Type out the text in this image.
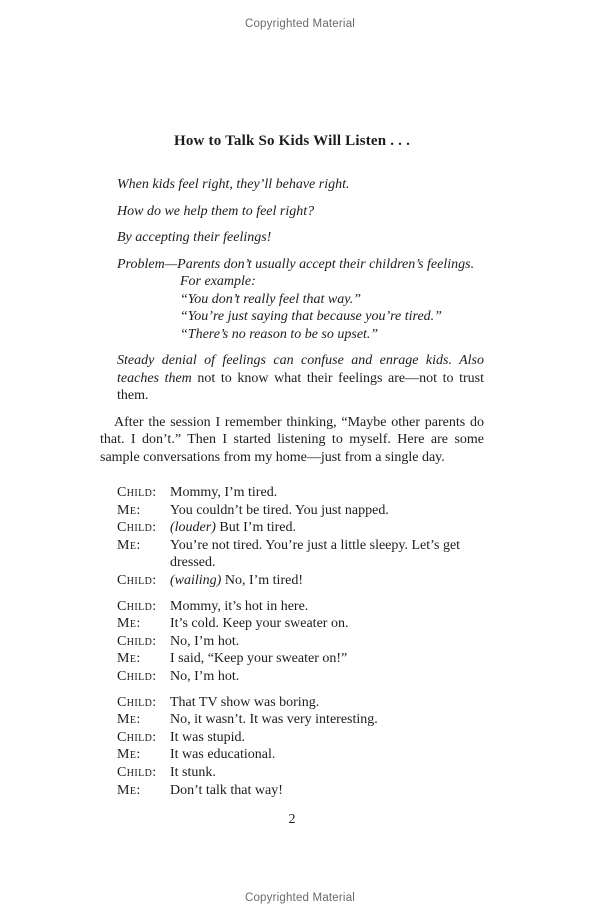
Copyrighted Material
How to Talk So Kids Will Listen . . .

When kids feel right, they’ll behave right.

How do we help them to feel right?

By accepting their feelings!

Problem—Parents don’t usually accept their children’s feelings. For example:

“You don’t really feel that way.”

“You’re just saying that because you’re tired.”

“There’s no reason to be so upset.”

Steady denial of feelings can confuse and enrage kids. Also teaches them not to know what their feelings are—not to trust them.

After the session I remember thinking, “Maybe other parents do that. I don’t.” Then I started listening to myself. Here are some sample conversations from my home—just from a single day.

Child: Mommy, I’m tired.
Me:	You couldn’t be tired. You just napped.
Child: (louder) But I’m tired.
Me:	You’re not tired. You’re just a little sleepy. Let’s get dressed.
Child: (wailing) No, I’m tired!
Child: Mommy, it’s hot in here.
Me:	It’s cold. Keep your sweater on.
Child: No, I’m hot.
Me:	I said, “Keep your sweater on!”
Child: No, I’m hot.
Child: That TV show was boring.
Me:	No, it wasn’t. It was very interesting.
Child: It was stupid.
Me:	It was educational.
Child: It stunk.
Me:	Don’t talk that way!
2
Copyrighted Material
